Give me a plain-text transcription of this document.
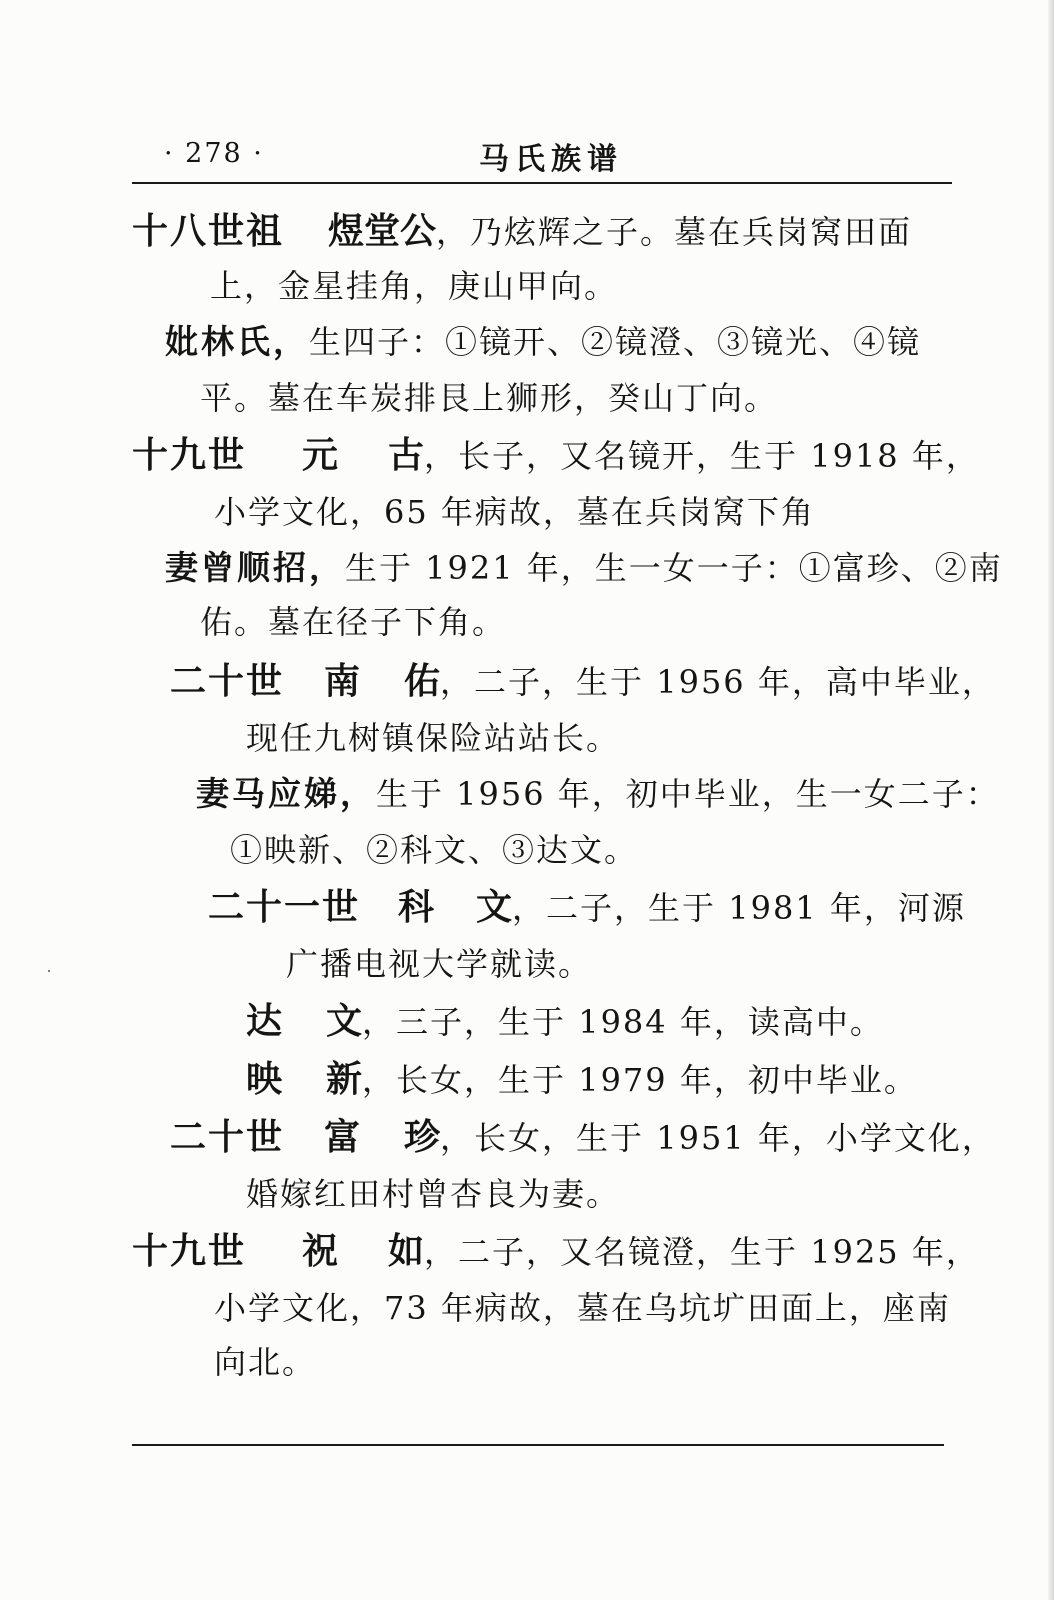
· 278 ·	马氏族谱
十八世祖 煜堂公，乃炫辉之子。墓在兵岗窝田面
上，金星挂角，庚山甲向。
妣林氏，生四子：①镜开、②镜澄、③镜光、④镜
平。墓在车炭排艮上狮形，癸山丁向。
十九世 元 古，长子，又名镜开，生于 1918 年，
小学文化，65 年病故，墓在兵岗窝下角
妻曾顺招，生于 1921 年，生一女一子：①富珍、②南
佑。墓在径子下角。
二十世 南 佑，二子，生于 1956 年，高中毕业，
现任九树镇保险站站长。
妻马应娣，生于 1956 年，初中毕业，生一女二子：
①映新、②科文、③达文。
二十一世 科 文，二子，生于 1981 年，河源
广播电视大学就读。
达 文，三子，生于 1984 年，读高中。
映 新，长女，生于 1979 年，初中毕业。
二十世 富 珍，长女，生于 1951 年，小学文化，
婚嫁红田村曾杏良为妻。
十九世 祝 如，二子，又名镜澄，生于 1925 年，
小学文化，73 年病故，墓在乌坑圹田面上，座南
向北。
